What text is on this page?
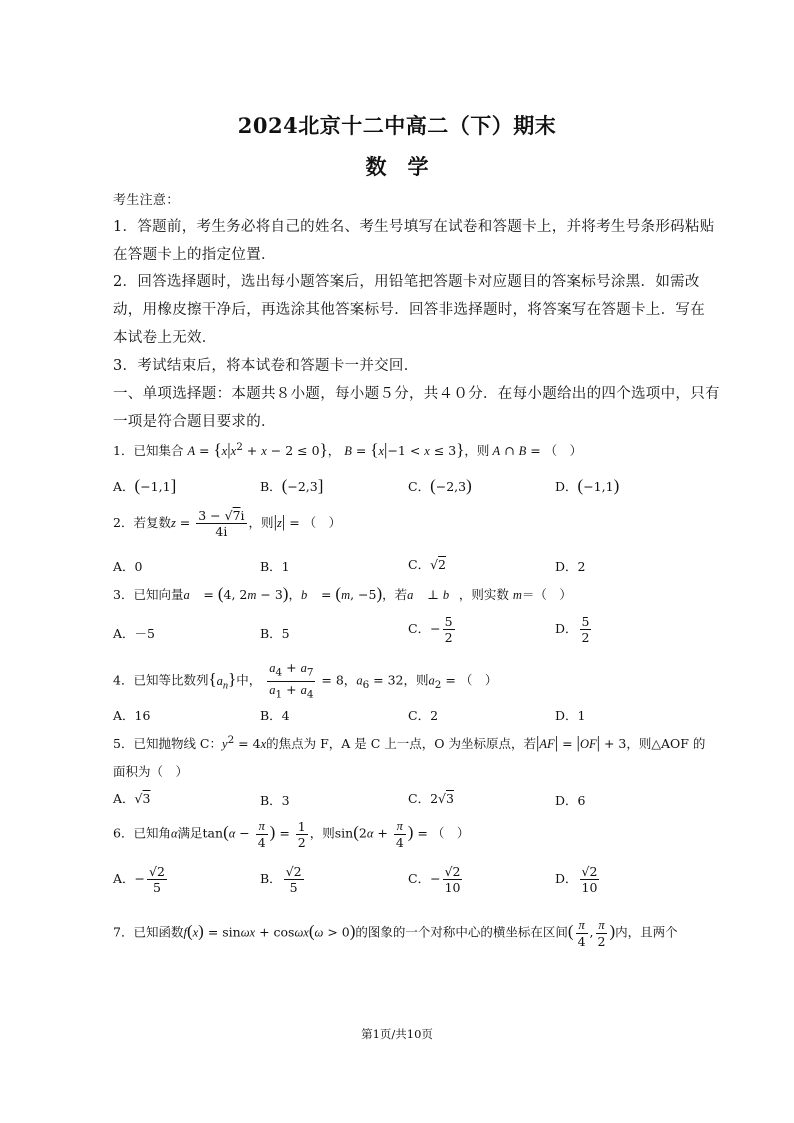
2024北京十二中高二（下）期末
数　学
考生注意：
1．答题前，考生务必将自己的姓名、考生号填写在试卷和答题卡上，并将考生号条形码粘贴
在答题卡上的指定位置．
2．回答选择题时，选出每小题答案后，用铅笔把答题卡对应题目的答案标号涂黑．如需改
动，用橡皮擦干净后，再选涂其他答案标号．回答非选择题时，将答案写在答题卡上．写在
本试卷上无效．
3．考试结束后，将本试卷和答题卡一并交回．
一、单项选择题：本题共８小题，每小题５分，共４０分．在每小题给出的四个选项中，只有
一项是符合题目要求的．
1．已知集合 $A = \{x|x^2 + x - 2 \le 0\}$， B = {x|−1 < x ≤ 3}，则 A ∩ B = （　）
A．(−1,1]	B．(−2,3]	C．(−2,3)	D．(−1,1)
2．若复数$z = \frac{3 - √7i}{4i}$ ，则|z| = （　）
A．0	B．1	C．√2	D．2
3．已知向量a⃗ = (4, 2m − 3)，b⃗ = (m, −5)，若a⃗ ⊥ b⃗，则实数 m＝（　）
A．－5	B．5	C．− $\frac{5}{2}$	D． $\frac{5}{2}$
4．已知等比数列$\{a_n\}$中， $\frac{a_4 + a_7}{a_1 + a_4} = 8$，$a_6 = 32$，则$a_2$ = （　）
A．16	B．4	C．2	D．1
5．已知抛物线 C：$y^2 = 4x$的焦点为 F，A 是 C 上一点，O 为坐标原点，若|AF| = |OF| + 3，则△AOF 的
面积为（　）
A．√3	B．3	C．2√3	D．6
6．已知角α满足$\tan(\alpha - \frac{\pi}{4}$ ) = $\frac{1}{2}$ ，则$\sin(2\alpha + \frac{\pi}{4}$ ) = （　）
A．− $\frac{√2}{5}$	B． $\frac{√2}{5}$	C．− $\frac{√2}{10}$	D． $\frac{√2}{10}$
7．已知函数f(x) = sinωx + cosωx(ω > 0)的图象的一个对称中心的横坐标在区间( $\frac{\pi}{4}$ , $\frac{\pi}{2}$ )内，且两个
第1页/共10页
